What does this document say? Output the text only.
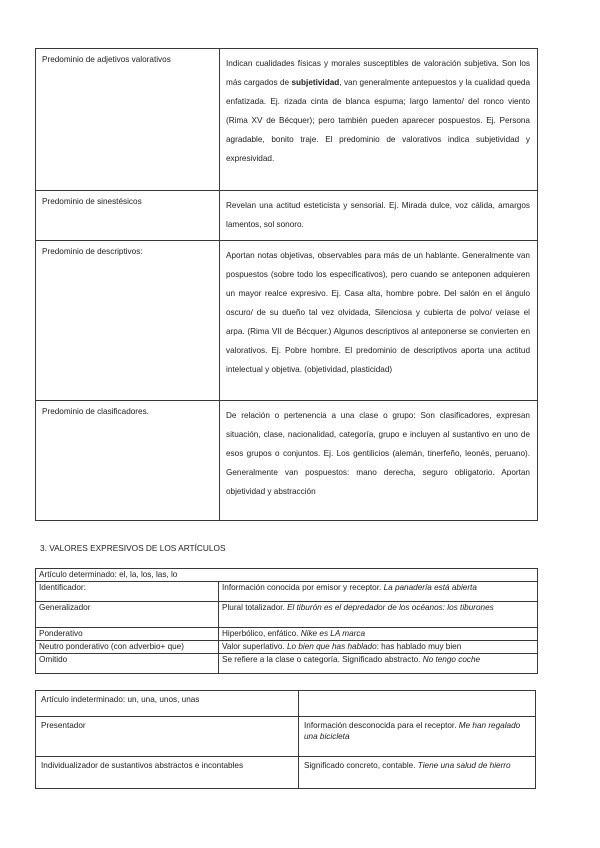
Predominio de adjetivos valorativos	Indican cualidades físicas y morales susceptibles de valoración subjetiva. Son los más cargados de subjetividad, van generalmente antepuestos y la cualidad queda enfatizada. Ej. rizada cinta de blanca espuma; largo lamento/ del ronco viento (Rima XV de Bécquer); pero también pueden aparecer pospuestos. Ej. Persona agradable, bonito traje. El predominio de valorativos indica subjetividad y expresividad.
Predominio de sinestésicos	Revelan una actitud esteticista y sensorial. Ej. Mirada dulce, voz cálida, amargos lamentos, sol sonoro.
Predominio de descriptivos:	Aportan notas objetivas, observables para más de un hablante. Generalmente van pospuestos (sobre todo los especificativos), pero cuando se anteponen adquieren un mayor realce expresivo. Ej. Casa alta, hombre pobre. Del salón en el ángulo oscuro/ de su dueño tal vez olvidada, Silenciosa y cubierta de polvo/ veíase el arpa. (Rima VII de Bécquer.) Algunos descriptivos al anteponerse se convierten en valorativos. Ej. Pobre hombre. El predominio de descriptivos aporta una actitud intelectual y objetiva. (objetividad, plasticidad)
Predominio de clasificadores.	De relación o pertenencia a una clase o grupo: Son clasificadores, expresan situación, clase, nacionalidad, categoría, grupo e incluyen al sustantivo en uno de esos grupos o conjuntos. Ej. Los gentilicios (alemán, tinerfeño, leonés, peruano). Generalmente van pospuestos: mano derecha, seguro obligatorio. Aportan objetividad y abstracción
3. VALORES EXPRESIVOS DE LOS ARTÍCULOS
Artículo determinado: el, la, los, las, lo	
Identificador:	Información conocida por emisor y receptor. La panadería está abierta
Generalizador	Plural totalizador. El tiburón es el depredador de los océanos: los tiburones
Ponderativo	Hiperbólico, enfático. Nike es LA marca
Neutro ponderativo (con adverbio+ que)	Valor superlativo. Lo bien que has hablado: has hablado muy bien
Omitido	Se refiere a la clase o categoría. Significado abstracto. No tengo coche
Artículo indeterminado: un, una, unos, unas	
Presentador	Información desconocida para el receptor. Me han regalado una bicicleta
Individualizador de sustantivos abstractos e incontables	Significado concreto, contable. Tiene una salud de hierro
